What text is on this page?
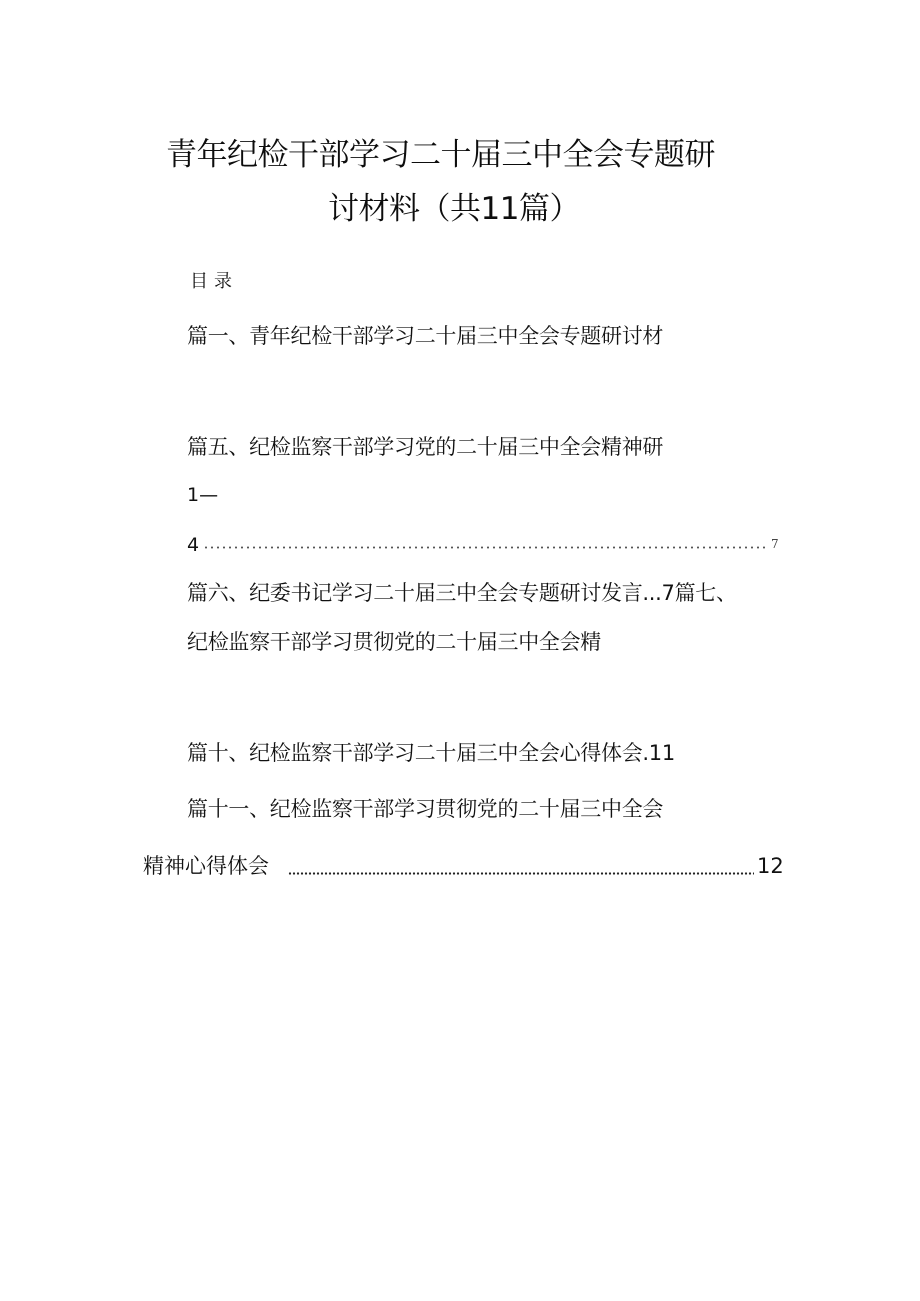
青年纪检干部学习二十届三中全会专题研
讨材料（共11篇）
目录
篇一、青年纪检干部学习二十届三中全会专题研讨材
篇五、纪检监察干部学习党的二十届三中全会精神研
1—
4	7
篇六、纪委书记学习二十届三中全会专题研讨发言...7篇七、
纪检监察干部学习贯彻党的二十届三中全会精
篇十、纪检监察干部学习二十届三中全会心得体会.11
篇十一、纪检监察干部学习贯彻党的二十届三中全会
精神心得体会	12
